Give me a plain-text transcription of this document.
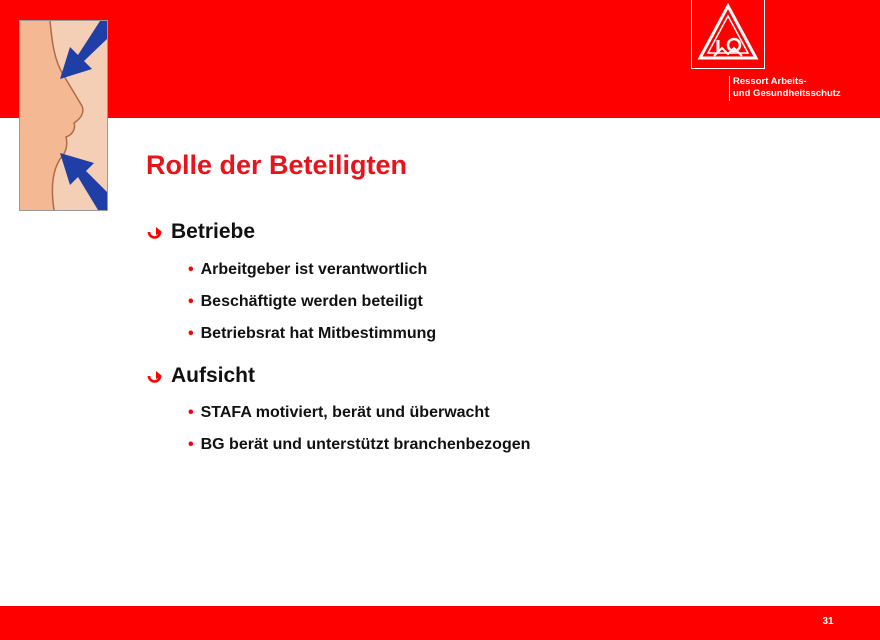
Ressort Arbeits-
und Gesundheitsschutz
Rolle der Beteiligten
Betriebe
• Arbeitgeber ist verantwortlich
• Beschäftigte werden beteiligt
• Betriebsrat hat Mitbestimmung
Aufsicht
• STAFA motiviert, berät und überwacht
• BG berät und unterstützt branchenbezogen
31
